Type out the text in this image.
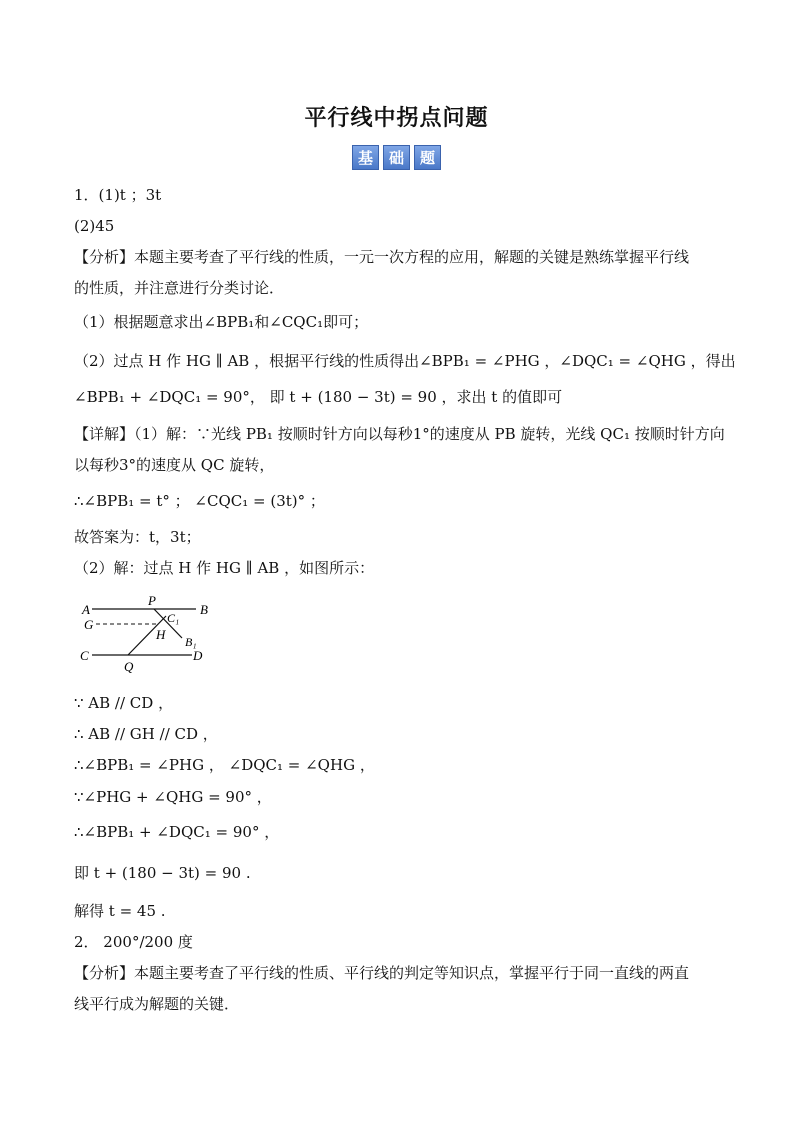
平行线中拐点问题
基	础	题
1．(1)t ；3t
(2)45
【分析】本题主要考查了平行线的性质，一元一次方程的应用，解题的关键是熟练掌握平行线
的性质，并注意进行分类讨论．
（1）根据题意求出∠BPB₁和∠CQC₁即可；
（2）过点 H 作 HG ∥ AB ，根据平行线的性质得出∠BPB₁ = ∠PHG ，∠DQC₁ = ∠QHG ，得出
∠BPB₁ + ∠DQC₁ = 90°， 即 t + (180 − 3t) = 90 ，求出 t 的值即可
【详解】（1）解：∵光线 PB₁ 按顺时针方向以每秒1°的速度从 PB 旋转，光线 QC₁ 按顺时针方向
以每秒3°的速度从 QC 旋转，
∴∠BPB₁ = t° ； ∠CQC₁ = (3t)° ；
故答案为：t，3t；
（2）解：过点 H 作 HG ∥ AB ，如图所示：
A
P
B
G	C₁
H B₁
C
Q
D
∵ AB // CD ，
∴ AB // GH // CD ，
∴∠BPB₁ = ∠PHG ， ∠DQC₁ = ∠QHG ，
∵∠PHG + ∠QHG = 90° ，
∴∠BPB₁ + ∠DQC₁ = 90° ，
即 t + (180 − 3t) = 90 .
解得 t = 45 .
2． 200°/200 度
【分析】本题主要考查了平行线的性质、平行线的判定等知识点，掌握平行于同一直线的两直
线平行成为解题的关键．
